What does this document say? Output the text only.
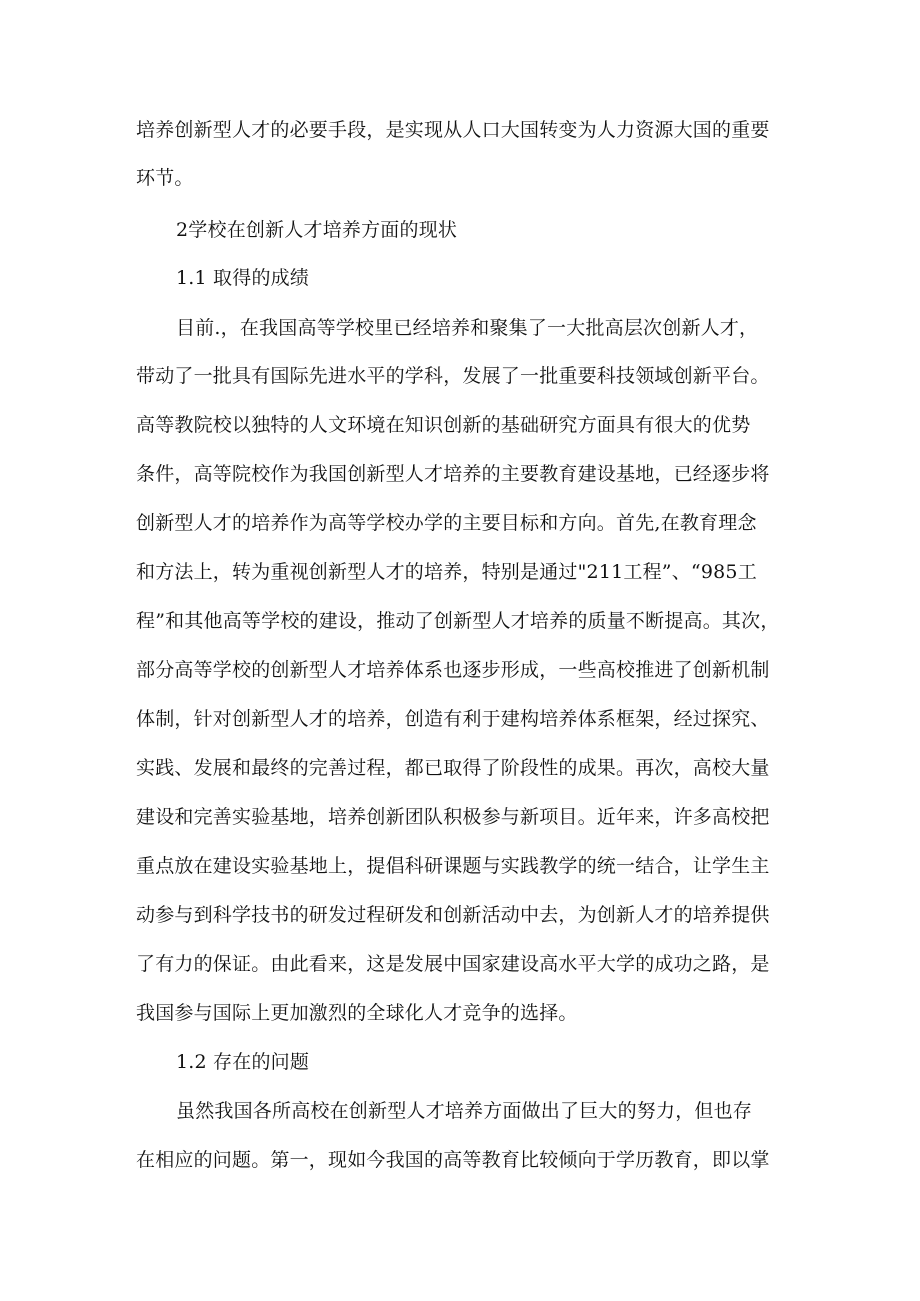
培养创新型人才的必要手段，是实现从人口大国转变为人力资源大国的重要
环节。
2学校在创新人才培养方面的现状
1.1 取得的成绩
目前.，在我国高等学校里已经培养和聚集了一大批高层次创新人才，
带动了一批具有国际先进水平的学科，发展了一批重要科技领域创新平台。
高等教院校以独特的人文环境在知识创新的基础研究方面具有很大的优势
条件，高等院校作为我国创新型人才培养的主要教育建设基地，已经逐步将
创新型人才的培养作为高等学校办学的主要目标和方向。首先,在教育理念
和方法上，转为重视创新型人才的培养，特别是通过"211工程”、“985工
程”和其他高等学校的建设，推动了创新型人才培养的质量不断提高。其次，
部分高等学校的创新型人才培养体系也逐步形成，一些高校推进了创新机制
体制，针对创新型人才的培养，创造有利于建构培养体系框架，经过探究、
实践、发展和最终的完善过程，都已取得了阶段性的成果。再次，高校大量
建设和完善实验基地，培养创新团队积极参与新项目。近年来，许多高校把
重点放在建设实验基地上，提倡科研课题与实践教学的统一结合，让学生主
动参与到科学技书的研发过程研发和创新活动中去，为创新人才的培养提供
了有力的保证。由此看来，这是发展中国家建设高水平大学的成功之路，是
我国参与国际上更加激烈的全球化人才竞争的选择。
1.2 存在的问题
虽然我国各所高校在创新型人才培养方面做出了巨大的努力，但也存
在相应的问题。第一，现如今我国的高等教育比较倾向于学历教育，即以掌
